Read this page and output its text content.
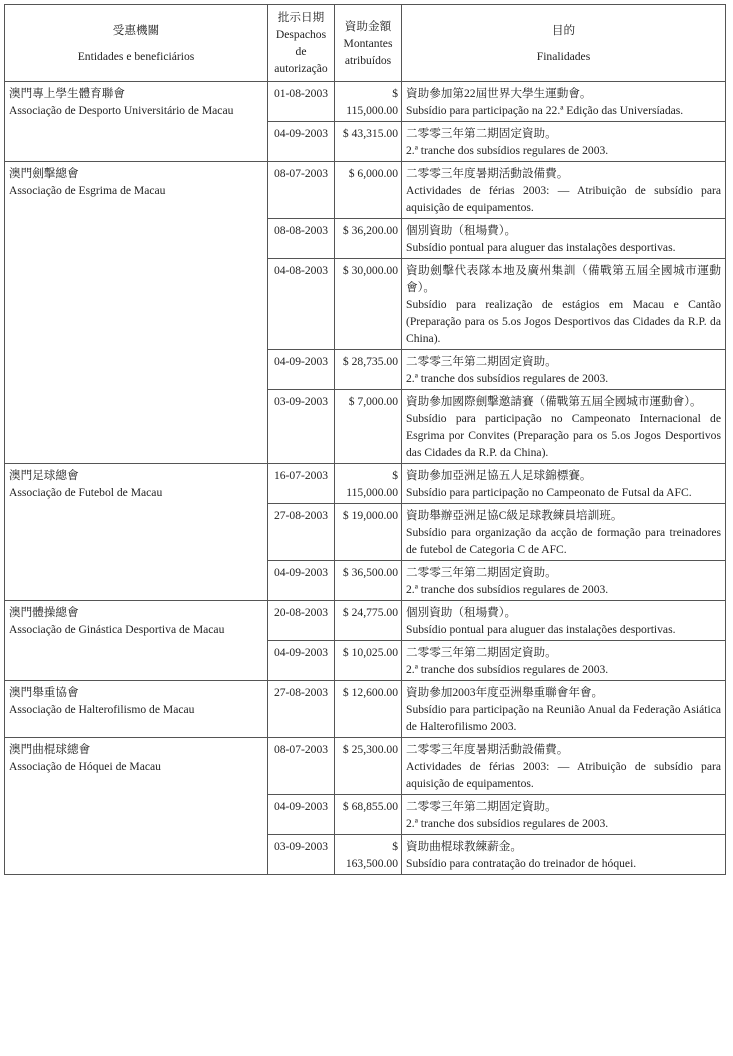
受惠機關
Entidades e beneficiários	批示日期
Despachos de
autorização	資助金額
Montantes
atribuídos	目的
Finalidades

澳門專上學生體育聯會
Associação de Desporto Universitário de Macau	01-08-2003	$ 115,000.00	資助參加第22屆世界大學生運動會。
Subsídio para participação na 22.ª Edição das Universíadas.

	04-09-2003	$ 43,315.00	二零零三年第二期固定資助。
2.ª tranche dos subsídios regulares de 2003.

澳門劍擊總會
Associação de Esgrima de Macau	08-07-2003	$ 6,000.00	二零零三年度暑期活動設備費。
Actividades de férias 2003: — Atribuição de subsídio para aquisição de equipamentos.

	08-08-2003	$ 36,200.00	個別資助（租場費）。
Subsídio pontual para aluguer das instalações desportivas.

	04-08-2003	$ 30,000.00	資助劍擊代表隊本地及廣州集訓（備戰第五屆全國城市運動會）。
Subsídio para realização de estágios em Macau e Cantão (Preparação para os 5.os Jogos Desportivos das Cidades da R.P. da China).

	04-09-2003	$ 28,735.00	二零零三年第二期固定資助。
2.ª tranche dos subsídios regulares de 2003.

	03-09-2003	$ 7,000.00	資助參加國際劍擊邀請賽（備戰第五屆全國城市運動會）。
Subsídio para participação no Campeonato Internacional de Esgrima por Convites (Preparação para os 5.os Jogos Desportivos das Cidades da R.P. da China).

澳門足球總會
Associação de Futebol de Macau	16-07-2003	$ 115,000.00	資助參加亞洲足協五人足球錦標賽。
Subsídio para participação no Campeonato de Futsal da AFC.

	27-08-2003	$ 19,000.00	資助舉辦亞洲足協C級足球教練員培訓班。
Subsídio para organização da acção de formação para treinadores de futebol de Categoria C de AFC.

	04-09-2003	$ 36,500.00	二零零三年第二期固定資助。
2.ª tranche dos subsídios regulares de 2003.

澳門體操總會
Associação de Ginástica Desportiva de Macau	20-08-2003	$ 24,775.00	個別資助（租場費）。
Subsídio pontual para aluguer das instalações desportivas.

	04-09-2003	$ 10,025.00	二零零三年第二期固定資助。
2.ª tranche dos subsídios regulares de 2003.

澳門舉重協會
Associação de Halterofilismo de Macau	27-08-2003	$ 12,600.00	資助參加2003年度亞洲舉重聯會年會。
Subsídio para participação na Reunião Anual da Federação Asiática de Halterofilismo 2003.

澳門曲棍球總會
Associação de Hóquei de Macau	08-07-2003	$ 25,300.00	二零零三年度暑期活動設備費。
Actividades de férias 2003: — Atribuição de subsídio para aquisição de equipamentos.

	04-09-2003	$ 68,855.00	二零零三年第二期固定資助。
2.ª tranche dos subsídios regulares de 2003.

	03-09-2003	$ 163,500.00	資助曲棍球教練薪金。
Subsídio para contratação do treinador de hóquei.
